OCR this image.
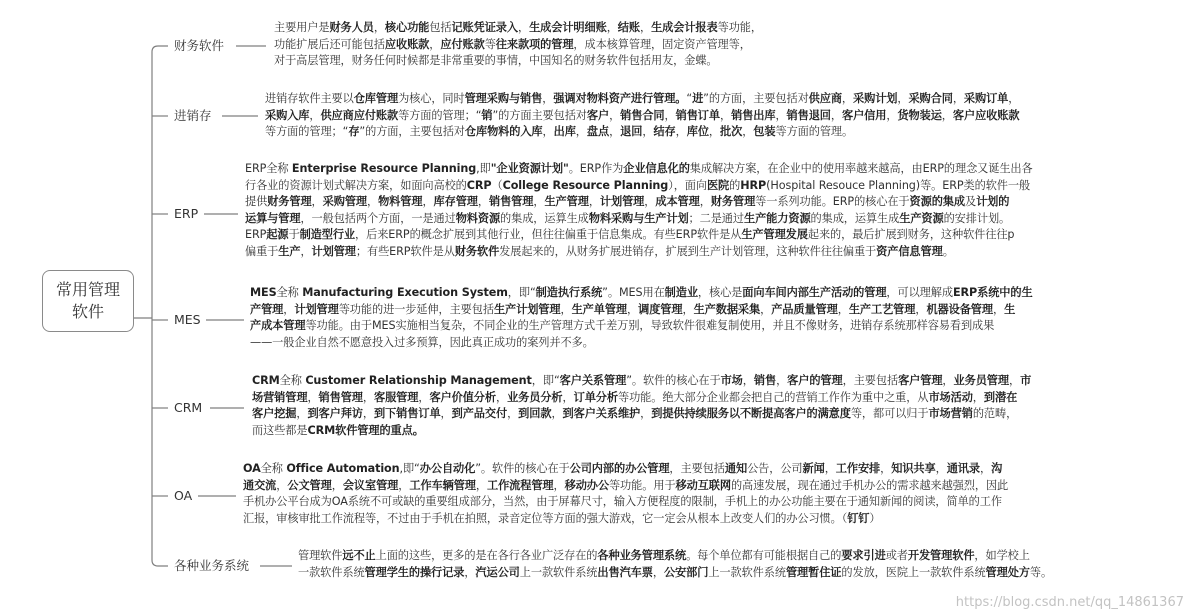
常用管理软件
财务软件
进销存
ERP
MES
CRM
OA
各种业务系统
主要用户是财务人员，核心功能包括记账凭证录入，生成会计明细账，结账，生成会计报表等功能，
功能扩展后还可能包括应收账款，应付账款等往来款项的管理，成本核算管理，固定资产管理等，
对于高层管理，财务任何时候都是非常重要的事情，中国知名的财务软件包括用友，金蝶。
进销存软件主要以仓库管理为核心，同时管理采购与销售，强调对物料资产进行管理。“进”的方面，主要包括对供应商，采购计划，采购合同，采购订单，
采购入库，供应商应付账款等方面的管理；“销”的方面主要包括对客户，销售合同，销售订单，销售出库，销售退回，客户信用，货物装运，客户应收账款
等方面的管理；“存”的方面，主要包括对仓库物料的入库，出库，盘点，退回，结存，库位，批次，包装等方面的管理。
ERP全称 Enterprise Resource Planning,即"企业资源计划"。ERP作为企业信息化的集成解决方案，在企业中的使用率越来越高，由ERP的理念又诞生出各
行各业的资源计划式解决方案，如面向高校的CRP（College Resource Planning），面向医院的HRP(Hospital Resouce Planning)等。ERP类的软件一般
提供财务管理，采购管理，物料管理，库存管理，销售管理，生产管理，计划管理，成本管理，财务管理等一系列功能。ERP的核心在于资源的集成及计划的
运算与管理，一般包括两个方面，一是通过物料资源的集成，运算生成物料采购与生产计划；二是通过生产能力资源的集成，运算生成生产资源的安排计划。
ERP起源于制造型行业，后来ERP的概念扩展到其他行业，但往往偏重于信息集成。有些ERP软件是从生产管理发展起来的，最后扩展到财务，这种软件往往p
偏重于生产，计划管理；有些ERP软件是从财务软件发展起来的，从财务扩展进销存，扩展到生产计划管理，这种软件往往偏重于资产信息管理。
MES全称 Manufacturing Execution System，即“制造执行系统”。MES用在制造业，核心是面向车间内部生产活动的管理，可以理解成ERP系统中的生
产管理，计划管理等功能的进一步延伸，主要包括生产计划管理，生产单管理，调度管理，生产数据采集，产品质量管理，生产工艺管理，机器设备管理，生
产成本管理等功能。由于MES实施相当复杂，不同企业的生产管理方式千差万别，导致软件很难复制使用，并且不像财务，进销存系统那样容易看到成果
——一般企业自然不愿意投入过多预算，因此真正成功的案列并不多。
CRM全称 Customer Relationship Management，即“客户关系管理”。软件的核心在于市场，销售，客户的管理，主要包括客户管理，业务员管理，市
场营销管理，销售管理，客服管理，客户价值分析，业务员分析，订单分析等功能。绝大部分企业都会把自己的营销工作作为重中之重，从市场活动，到潜在
客户挖掘，到客户拜访，到下销售订单，到产品交付，到回款，到客户关系维护，到提供持续服务以不断提高客户的满意度等，都可以归于市场营销的范畴，
而这些都是CRM软件管理的重点。
OA全称 Office Automation,即“办公自动化”。软件的核心在于公司内部的办公管理，主要包括通知公告，公司新闻，工作安排，知识共享，通讯录，沟
通交流，公文管理，会议室管理，工作车辆管理，工作流程管理，移动办公等功能。用于移动互联网的高速发展，现在通过手机办公的需求越来越强烈，因此
手机办公平台成为OA系统不可或缺的重要组成部分，当然，由于屏幕尺寸，输入方便程度的限制，手机上的办公功能主要在于通知新闻的阅读，简单的工作
汇报，审核审批工作流程等，不过由于手机在拍照，录音定位等方面的强大游戏，它一定会从根本上改变人们的办公习惯。（钉钉）
管理软件远不止上面的这些，更多的是在各行各业广泛存在的各种业务管理系统。每个单位都有可能根据自己的要求引进或者开发管理软件，如学校上
一款软件系统管理学生的操行记录，汽运公司上一款软件系统出售汽车票，公安部门上一款软件系统管理暂住证的发放，医院上一款软件系统管理处方等。
https://blog.csdn.net/qq_14861367
